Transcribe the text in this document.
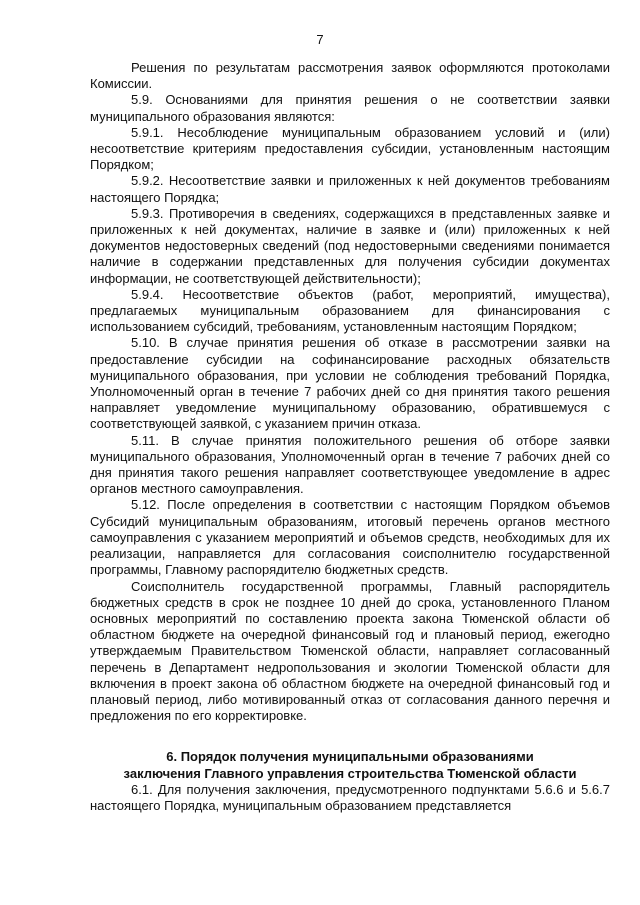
7

Решения по результатам рассмотрения заявок оформляются протоколами Комиссии.

5.9. Основаниями для принятия решения о не соответствии заявки муниципального образования являются:

5.9.1. Несоблюдение муниципальным образованием условий и (или) несоответствие критериям предоставления субсидии, установленным настоящим Порядком;

5.9.2. Несоответствие заявки и приложенных к ней документов требованиям настоящего Порядка;

5.9.3. Противоречия в сведениях, содержащихся в представленных заявке и приложенных к ней документах, наличие в заявке и (или) приложенных к ней документов недостоверных сведений (под недостоверными сведениями понимается наличие в содержании представленных для получения субсидии документах информации, не соответствующей действительности);

5.9.4. Несоответствие объектов (работ, мероприятий, имущества), предлагаемых муниципальным образованием для финансирования с использованием субсидий, требованиям, установленным настоящим Порядком;

5.10. В случае принятия решения об отказе в рассмотрении заявки на предоставление субсидии на софинансирование расходных обязательств муниципального образования, при условии не соблюдения требований Порядка, Уполномоченный орган в течение 7 рабочих дней со дня принятия такого решения направляет уведомление муниципальному образованию, обратившемуся с соответствующей заявкой, с указанием причин отказа.

5.11. В случае принятия положительного решения об отборе заявки муниципального образования, Уполномоченный орган в течение 7 рабочих дней со дня принятия такого решения направляет соответствующее уведомление в адрес органов местного самоуправления.

5.12. После определения в соответствии с настоящим Порядком объемов Субсидий муниципальным образованиям, итоговый перечень органов местного самоуправления с указанием мероприятий и объемов средств, необходимых для их реализации, направляется для согласования соисполнителю государственной программы, Главному распорядителю бюджетных средств.

Соисполнитель государственной программы, Главный распорядитель бюджетных средств в срок не позднее 10 дней до срока, установленного Планом основных мероприятий по составлению проекта закона Тюменской области об областном бюджете на очередной финансовый год и плановый период, ежегодно утверждаемым Правительством Тюменской области, направляет согласованный перечень в Департамент недропользования и экологии Тюменской области для включения в проект закона об областном бюджете на очередной финансовый год и плановый период, либо мотивированный отказ от согласования данного перечня и предложения по его корректировке.

6. Порядок получения муниципальными образованиями
заключения Главного управления строительства Тюменской области

6.1. Для получения заключения, предусмотренного подпунктами 5.6.6 и 5.6.7 настоящего Порядка, муниципальным образованием представляется
